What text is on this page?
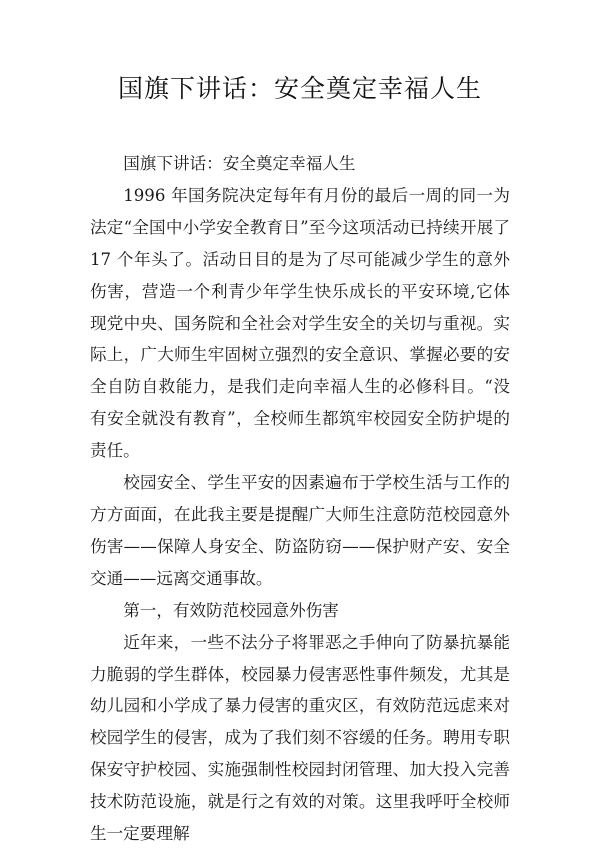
国旗下讲话：安全奠定幸福人生

国旗下讲话：安全奠定幸福人生

1996 年国务院决定每年有月份的最后一周的同一为法定“全国中小学安全教育日”至今这项活动已持续开展了 17 个年头了。活动日目的是为了尽可能减少学生的意外伤害，营造一个利青少年学生快乐成长的平安环境,它体现党中央、国务院和全社会对学生安全的关切与重视。实际上，广大师生牢固树立强烈的安全意识、掌握必要的安全自防自救能力，是我们走向幸福人生的必修科目。“没有安全就没有教育”，全校师生都筑牢校园安全防护堤的责任。

校园安全、学生平安的因素遍布于学校生活与工作的方方面面，在此我主要是提醒广大师生注意防范校园意外伤害——保障人身安全、防盗防窃——保护财产安、安全交通——远离交通事故。

第一，有效防范校园意外伤害

近年来，一些不法分子将罪恶之手伸向了防暴抗暴能力脆弱的学生群体，校园暴力侵害恶性事件频发，尤其是幼儿园和小学成了暴力侵害的重灾区，有效防范远虑来对校园学生的侵害，成为了我们刻不容缓的任务。聘用专职保安守护校园、实施强制性校园封闭管理、加大投入完善技术防范设施，就是行之有效的对策。这里我呼吁全校师生一定要理解
